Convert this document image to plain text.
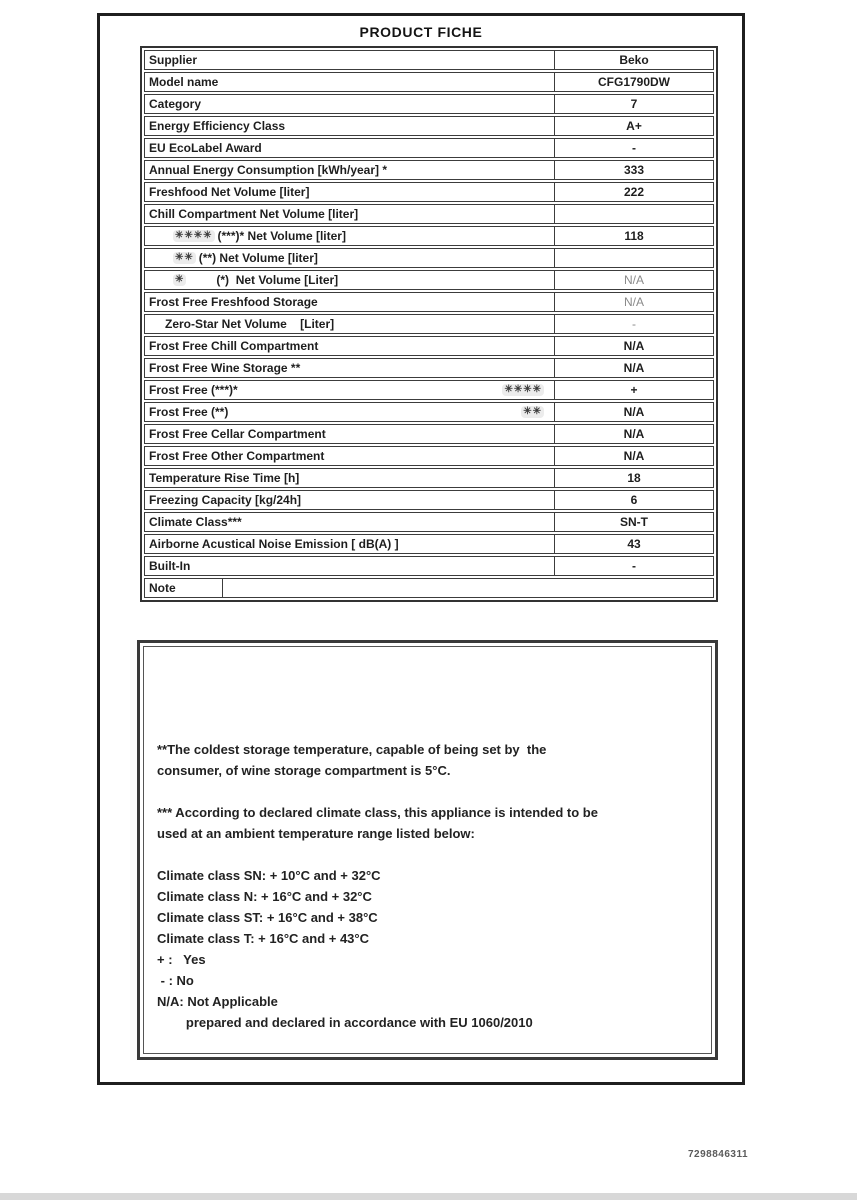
PRODUCT FICHE
Supplier	Beko
Model name	CFG1790DW
Category	7
Energy Efficiency Class	A+
EU EcoLabel Award	-
Annual Energy Consumption [kWh/year] *	333
Freshfood Net Volume [liter]	222
Chill Compartment Net Volume [liter]
✳✳✳✳ (***)* Net Volume [liter]	118
✳✳ (**) Net Volume [liter]
✳	(*)  Net Volume [Liter]	N/A
Frost Free Freshfood Storage	N/A
Zero-Star Net Volume    [Liter]	-
Frost Free Chill Compartment	N/A
Frost Free Wine Storage **	N/A
Frost Free (***)*	✳✳✳✳	+
Frost Free (**)	✳✳	N/A
Frost Free Cellar Compartment	N/A
Frost Free Other Compartment	N/A
Temperature Rise Time [h]	18
Freezing Capacity [kg/24h]	6
Climate Class***	SN-T
Airborne Acustical Noise Emission [ dB(A) ]	43
Built-In	-
Note
**The coldest storage temperature, capable of being set by  the
consumer, of wine storage compartment is 5°C.
*** According to declared climate class, this appliance is intended to be
used at an ambient temperature range listed below:
Climate class SN: + 10°C and + 32°C
Climate class N: + 16°C and + 32°C
Climate class ST: + 16°C and + 38°C
Climate class T: + 16°C and + 43°C
+ :   Yes
- : No
N/A: Not Applicable
prepared and declared in accordance with EU 1060/2010
7298846311
